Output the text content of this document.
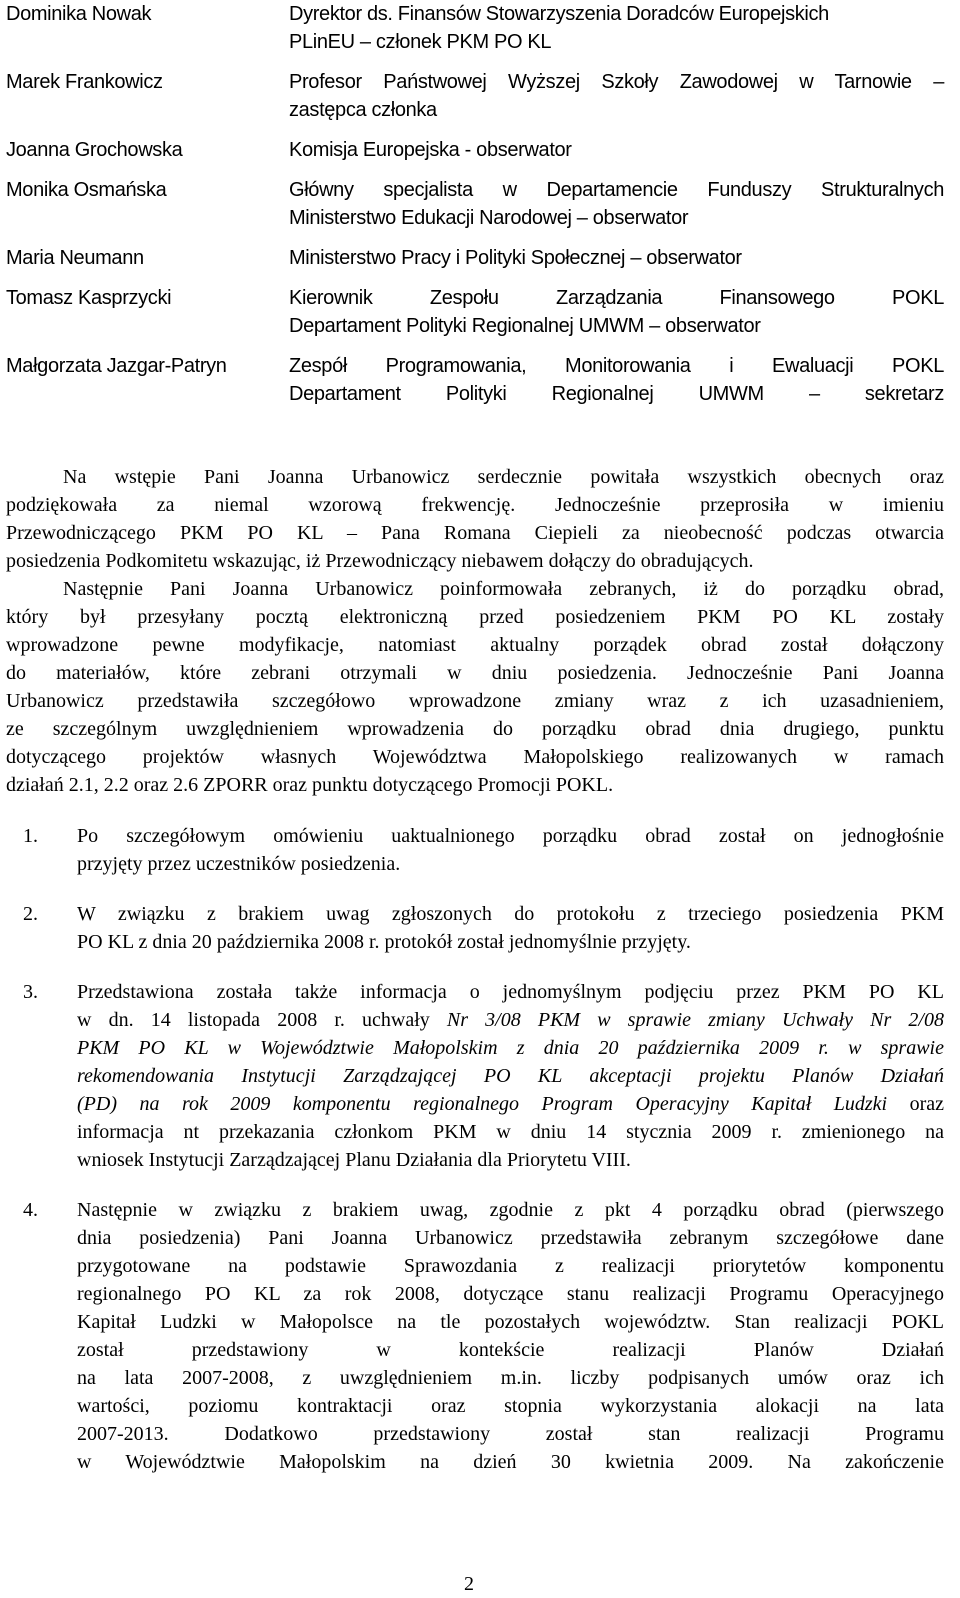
Dominika Nowak	Dyrektor ds. Finansów Stowarzyszenia Doradców Europejskich
PLinEU – członek PKM PO KL
Marek Frankowicz	Profesor Państwowej Wyższej Szkoły Zawodowej w Tarnowie –
zastępca członka
Joanna Grochowska	Komisja Europejska - obserwator
Monika Osmańska	Główny specjalista w Departamencie Funduszy Strukturalnych
Ministerstwo Edukacji Narodowej – obserwator
Maria Neumann	Ministerstwo Pracy i Polityki Społecznej – obserwator
Tomasz Kasprzycki	Kierownik Zespołu Zarządzania Finansowego POKL
Departament Polityki Regionalnej UMWM – obserwator
Małgorzata Jazgar-Patryn	Zespół Programowania, Monitorowania i Ewaluacji POKL
Departament Polityki Regionalnej UMWM – sekretarz
Na wstępie Pani Joanna Urbanowicz serdecznie powitała wszystkich obecnych oraz
podziękowała za niemal wzorową frekwencję. Jednocześnie przeprosiła w imieniu
Przewodniczącego PKM PO KL – Pana Romana Ciepieli za nieobecność podczas otwarcia
posiedzenia Podkomitetu wskazując, iż Przewodniczący niebawem dołączy do obradujących.
Następnie Pani Joanna Urbanowicz poinformowała zebranych, iż do porządku obrad,
który był przesyłany pocztą elektroniczną przed posiedzeniem PKM PO KL zostały
wprowadzone pewne modyfikacje, natomiast aktualny porządek obrad został dołączony
do materiałów, które zebrani otrzymali w dniu posiedzenia. Jednocześnie Pani Joanna
Urbanowicz przedstawiła szczegółowo wprowadzone zmiany wraz z ich uzasadnieniem,
ze szczególnym uwzględnieniem wprowadzenia do porządku obrad dnia drugiego, punktu
dotyczącego projektów własnych Województwa Małopolskiego realizowanych w ramach
działań 2.1, 2.2 oraz 2.6 ZPORR oraz punktu dotyczącego Promocji POKL.
1.	Po szczegółowym omówieniu uaktualnionego porządku obrad został on jednogłośnie
przyjęty przez uczestników posiedzenia.
2.	W związku z brakiem uwag zgłoszonych do protokołu z trzeciego posiedzenia PKM
PO KL z dnia 20 października 2008 r. protokół został jednomyślnie przyjęty.
3.	Przedstawiona została także informacja o jednomyślnym podjęciu przez PKM PO KL
w dn. 14 listopada 2008 r. uchwały Nr 3/08 PKM w sprawie zmiany Uchwały Nr 2/08
PKM PO KL w Województwie Małopolskim z dnia 20 października 2009 r. w sprawie
rekomendowania Instytucji Zarządzającej PO KL akceptacji projektu Planów Działań
(PD) na rok 2009 komponentu regionalnego Program Operacyjny Kapitał Ludzki oraz
informacja nt przekazania członkom PKM w dniu 14 stycznia 2009 r. zmienionego na
wniosek Instytucji Zarządzającej Planu Działania dla Priorytetu VIII.
4.	Następnie w związku z brakiem uwag, zgodnie z pkt 4 porządku obrad (pierwszego
dnia posiedzenia) Pani Joanna Urbanowicz przedstawiła zebranym szczegółowe dane
przygotowane na podstawie Sprawozdania z realizacji priorytetów komponentu
regionalnego PO KL za rok 2008, dotyczące stanu realizacji Programu Operacyjnego
Kapitał Ludzki w Małopolsce na tle pozostałych województw. Stan realizacji POKL
został przedstawiony w kontekście realizacji Planów Działań
na lata 2007-2008, z uwzględnieniem m.in. liczby podpisanych umów oraz ich
wartości, poziomu kontraktacji oraz stopnia wykorzystania alokacji na lata
2007-2013. Dodatkowo przedstawiony został stan realizacji Programu
w Województwie Małopolskim na dzień 30 kwietnia 2009. Na zakończenie
2
